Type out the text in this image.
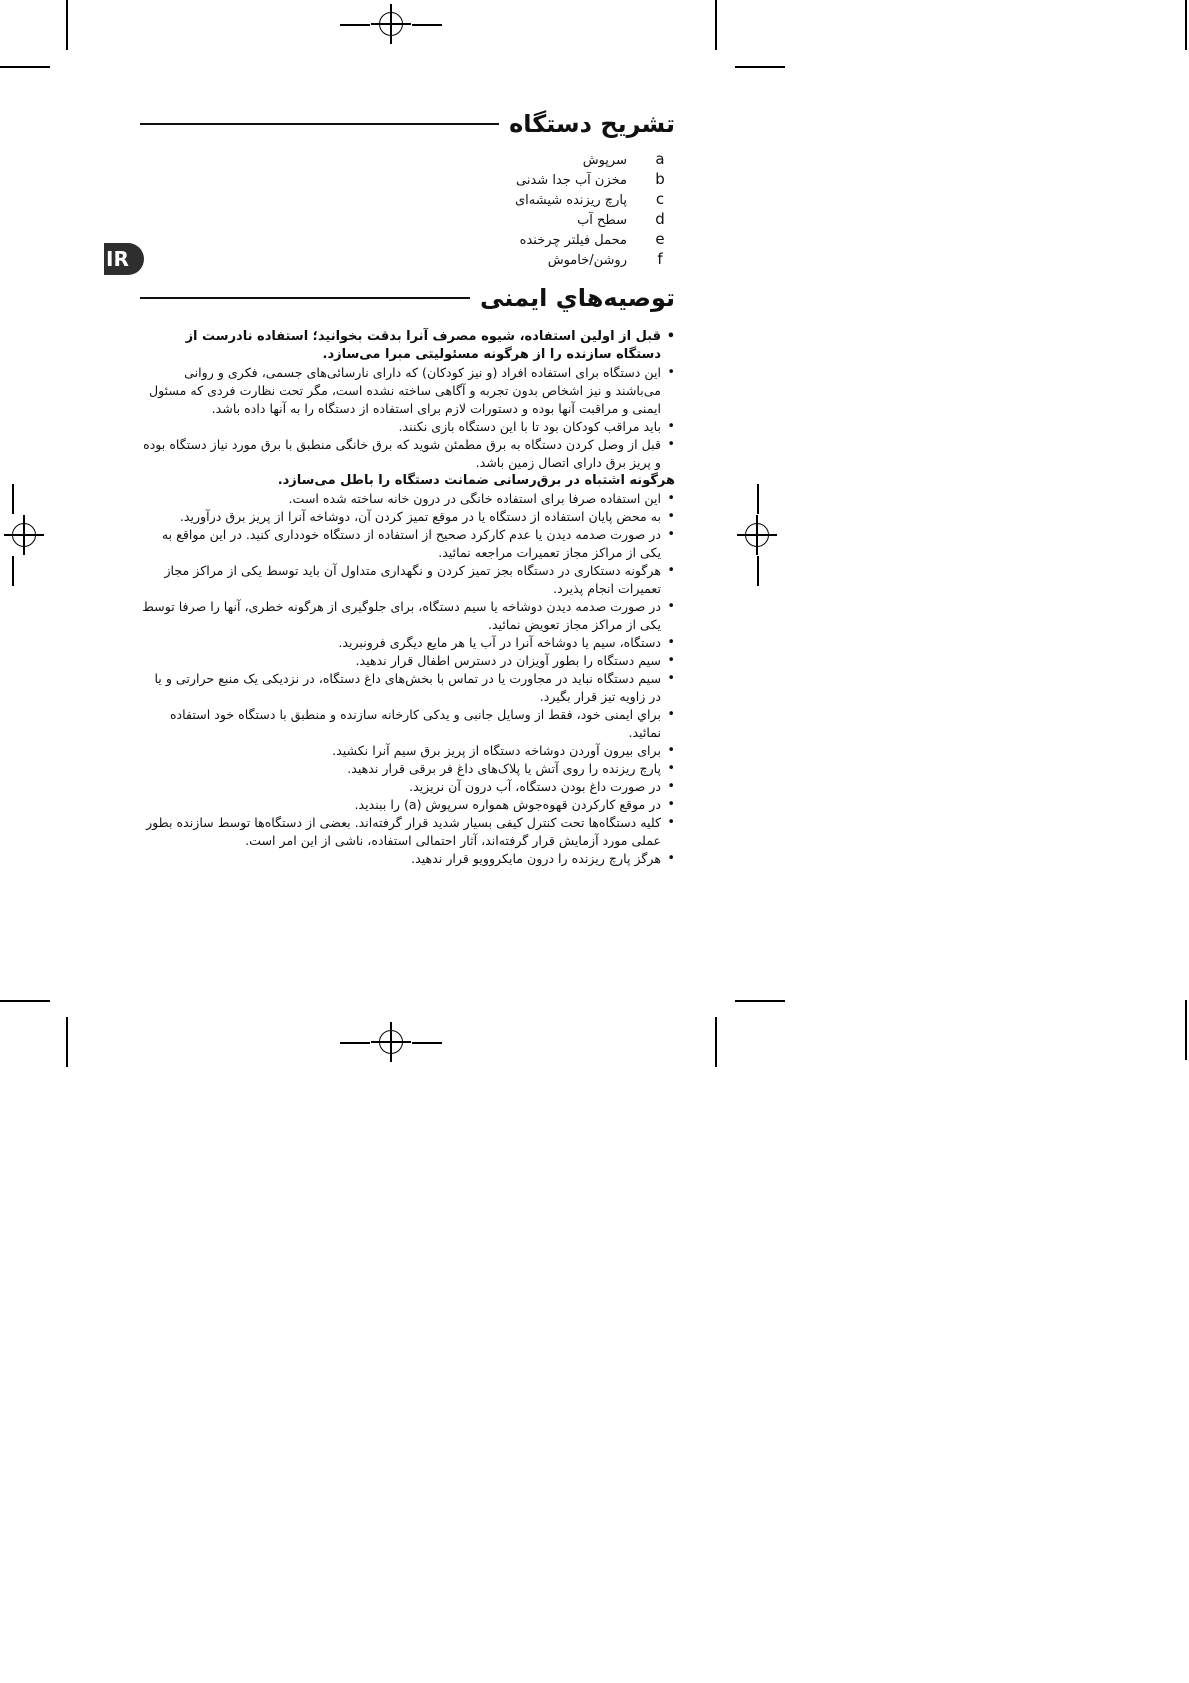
IR
تشریح دستگاه
a
سرپوش
b
مخزن آب جدا شدنی
c
پارچ ریزنده شیشه‌ای
d
سطح آب
e
محمل فیلتر چرخنده
f
روشن/خاموش
توصیه‌هاي ایمنی
• قبل از اولین استفاده، شیوه مصرف آنرا بدقت بخوانید؛ استفاده نادرست از دستگاه سازنده را از هرگونه مسئولیتی مبرا می‌سازد.
• این دستگاه برای استفاده افراد (و نیز کودکان) که دارای نارسائی‌های جسمی، فکری و روانی می‌باشند و نیز اشخاص بدون تجربه و آگاهی ساخته نشده است، مگر تحت نظارت فردی که مسئول ایمنی و مراقبت آنها بوده و دستورات لازم برای استفاده از دستگاه را به آنها داده باشد.
• باید مراقب کودکان بود تا با این دستگاه بازی نکنند.
• قبل از وصل کردن دستگاه به برق مطمئن شوید که برق خانگی منطبق با برق مورد نیاز دستگاه بوده و پریز برق دارای اتصال زمین باشد.
هرگونه اشتباه در برق‌رسانی ضمانت دستگاه را باطل می‌سازد.
• این استفاده صرفا برای استفاده خانگی در درون خانه ساخته شده است.
• به محض پایان استفاده از دستگاه یا در موقع تمیز کردن آن، دوشاخه آنرا از پریز برق درآورید.
• در صورت صدمه دیدن یا عدم کارکرد صحیح از استفاده از دستگاه خودداری کنید. در این مواقع به یکی از مراکز مجاز تعمیرات مراجعه نمائید.
• هرگونه دستکاری در دستگاه بجز تمیز کردن و نگهداری متداول آن باید توسط یکی از مراکز مجاز تعمیرات انجام پذیرد.
• در صورت صدمه دیدن دوشاخه یا سیم دستگاه، برای جلوگیری از هرگونه خطری، آنها را صرفا توسط یکی از مراکز مجاز تعویض نمائید.
• دستگاه، سیم یا دوشاخه آنرا در آب یا هر مایع دیگری فرونبرید.
• سیم دستگاه را بطور آویزان در دسترس اطفال قرار ندهید.
• سیم دستگاه نباید در مجاورت یا در تماس با بخش‌های داغ دستگاه، در نزدیکی یک منبع حرارتی و یا در زاویه تیز قرار بگیرد.
• براي ایمنی خود، فقط از وسایل جانبی و یدکی کارخانه سازنده و منطبق با دستگاه خود استفاده نمائید.
• برای بیرون آوردن دوشاخه دستگاه از پریز برق سیم آنرا نکشید.
• پارچ ریزنده را روی آتش یا پلاک‌های داغ فر برقی قرار ندهید.
• در صورت داغ بودن دستگاه، آب درون آن نریزید.
• در موقع کارکردن قهوه‌جوش همواره سرپوش (a) را ببندید.
• کلیه دستگاه‌ها تحت کنترل کیفی بسیار شدید قرار گرفته‌اند. بعضی از دستگاه‌ها توسط سازنده بطور عملی مورد آزمایش قرار گرفته‌اند، آثار احتمالی استفاده، ناشی از این امر است.
• هرگز پارچ ریزنده را درون مایکروویو قرار ندهید.
